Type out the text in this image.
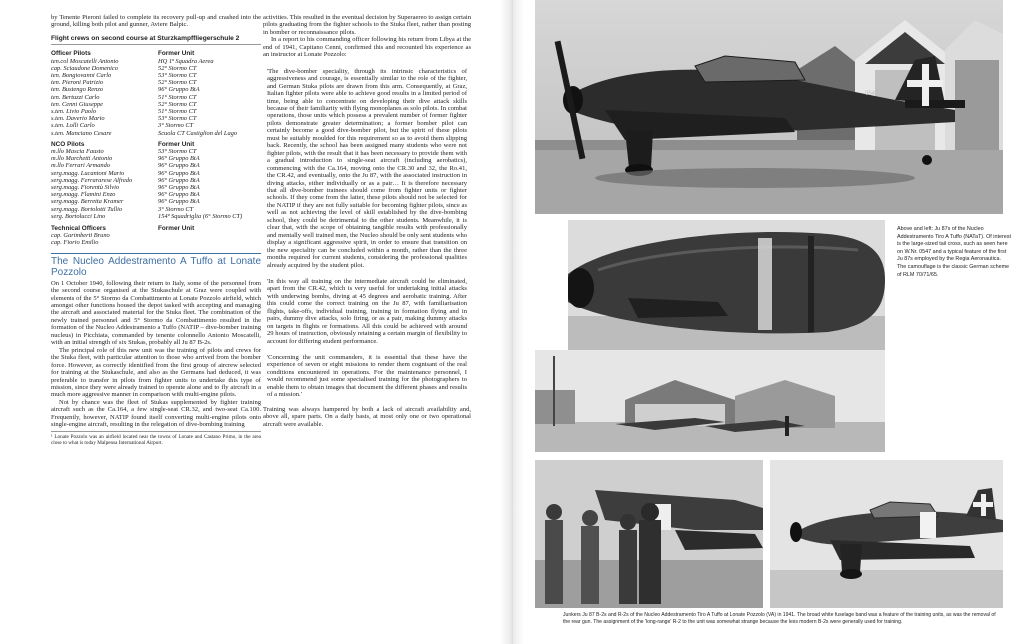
by Tenente Pieroni failed to complete its recovery pull-up and crashed into the ground, killing both pilot and gunner, Aviere Balpic.

Flight crews on second course at Sturzkampffliegerschule 2
Officer Pilots	Former Unit
ten.col Moscatelli Antonio	HQ 1ª Squadra Aerea
cap. Sciaudone Domenico	52° Stormo CT
ten. Bongiovanni Carlo	53° Stormo CT
ten. Pieroni Patrizio	52° Stormo CT
ten. Bustengo Renzo	96° Gruppo BtA
ten. Bertuzzi Carlo	51° Stormo CT
ten. Cenni Giuseppe	52° Stormo CT
s.ten. Livio Paolo	51° Stormo CT
s.ten. Daverio Mario	53° Stormo CT
s.ten. Lolli Carlo	3° Stormo CT
s.ten. Manciano Cesare	Scuola CT Castiglion del Lago
NCO Pilots	Former Unit
m.llo Mascia Fausto	53° Stormo CT
m.llo Marchetti Antonio	96° Gruppo BtA
m.llo Ferrari Armando	96° Gruppo BtA
serg.magg. Lucantoni Mario	96° Gruppo BtA
serg.magg. Ferrararese Alfredo	96° Gruppo BtA
serg.magg. Fiorentù Silvio	96° Gruppo BtA
serg.magg. Flamini Enzo	96° Gruppo BtA
serg.magg. Berretta Kramer	96° Gruppo BtA
serg.magg. Bortolotti Tullio	3° Stormo CT
serg. Bortolucci Lino	154ª Squadriglia (6° Stormo CT)
Technical Officers	Former Unit
cap. Garimberti Bruno	
cap. Fiorio Emilio	
The Nucleo Addestramento A Tuffo at Lonate Pozzolo

On 1 October 1940, following their return to Italy, some of the personnel from the second course organised at the Stukaschule at Graz were coupled with elements of the 5° Stormo da Combattimento at Lonate Pozzolo airfield, which amongst other functions housed the depot tasked with accepting and managing the aircraft and associated material for the Stuka fleet. The combination of the newly trained personnel and 5° Stormo da Combattimento resulted in the formation of the Nucleo Addestramento a Tuffo (NATIP – dive-bomber training nucleus) in Picchiata, commanded by tenente colonnello Antonio Moscatelli, with an initial strength of six Stukas, probably all Ju 87 B-2s.

The principal role of this new unit was the training of pilots and crews for the Stuka fleet, with particular attention to those who arrived from the bomber force. However, as correctly identified from the first group of aircrew selected for training at the Stukaschule, and also as the Germans had deduced, it was preferable to transfer in pilots from fighter units to undertake this type of mission, since they were already trained to operate alone and to fly aircraft in a much more aggressive manner in comparison with multi-engine pilots.

Not by chance was the fleet of Stukas supplemented by fighter training aircraft such as the Ca.164, a few single-seat CR.32, and two-seat Ca.100. Frequently, however, NATIP found itself converting multi-engine pilots onto single-engine aircraft, resulting in the relegation of dive-bombing training

¹ Lonate Pozzolo was an airfield located near the towns of Lonate and Castano Primo, in the area close to what is today Malpensa International Airport.

activities. This resulted in the eventual decision by Superaereo to assign certain pilots graduating from the fighter schools to the Stuka fleet, rather than posting in bomber or reconnaissance pilots.

In a report to his commanding officer following his return from Libya at the end of 1941, Capitano Cenni, confirmed this and recounted his experience as an instructor at Lonate Pozzolo:

'The dive-bomber speciality, through its intrinsic characteristics of aggressiveness and courage, is essentially similar to the role of the fighter, and German Stuka pilots are drawn from this arm. Consequently, at Graz, Italian fighter pilots were able to achieve good results in a limited period of time, being able to concentrate on developing their dive attack skills because of their familiarity with flying monoplanes as solo pilots. In combat operations, those units which possess a prevalent number of former fighter pilots demonstrate greater determination; a former bomber pilot can certainly become a good dive-bomber pilot, but the spirit of these pilots must be suitably moulded for this requirement so as to avoid them slipping back. Recently, the school has been assigned many students who were not fighter pilots, with the result that it has been necessary to provide them with a gradual introduction to single-seat aircraft (including aerobatics), commencing with the Ca.164, moving onto the CR.30 and 32, the Ro.41, the CR.42, and eventually, onto the Ju 87, with the associated instruction in diving attacks, either individually or as a pair… It is therefore necessary that all dive-bomber trainees should come from fighter units or fighter schools. If they come from the latter, these pilots should not be selected for the NATIP if they are not fully suitable for becoming fighter pilots, since as well as not achieving the level of skill established by the dive-bombing school, they could be detrimental to the other students. Meanwhile, it is clear that, with the scope of obtaining tangible results with professionally and mentally well trained men, the Nucleo should be only sent students who display a significant aggressive spirit, in order to ensure that transition on the new speciality can be concluded within a month, rather than the three months required for current students, considering the professional qualities already acquired by the student pilot.

'In this way all training on the intermediate aircraft could be eliminated, apart from the CR.42, which is very useful for undertaking initial attacks with underwing bombs, diving at 45 degrees and aerobatic training. After this could come the correct training on the Ju 87, with familiarisation flights, take-offs, individual training, training in formation flying and in pairs, dummy dive attacks, solo firing, or as a pair, making dummy attacks on targets in flights or formations. All this could be achieved with around 29 hours of instruction, obviously retaining a certain margin of flexibility to account for differing student performance.

'Concerning the unit commanders, it is essential that these have the experience of seven or eight missions to render them cognisant of the real conditions encountered in operations. For the maintenance personnel, I would recommend just some specialised training for the photographers to enable them to obtain images that document the different phases and results of a mission.'

Training was always hampered by both a lack of aircraft availability and, above all, spare parts. On a daily basis, at most only one or two operational aircraft were available.

0547
Above and left: Ju 87s of the Nucleo Addestramento Tiro A Tuffo (NATaT). Of interest is the large-sized tail cross, such as seen here on W.Nr. 0547 and a typical feature of the first Ju 87s employed by the Regia Aeronautica. The camouflage is the classic German scheme of RLM 70/71/65.
Junkers Ju 87 B-2s and R-2s of the Nucleo Addestramento Tiro A Tuffo at Lonate Pozzolo (VA) in 1941. The broad white fuselage band was a feature of the training units, as was the removal of the rear gun. The assignment of the 'long-range' R-2 to the unit was somewhat strange because the less modern B-2s were generally used for training.
